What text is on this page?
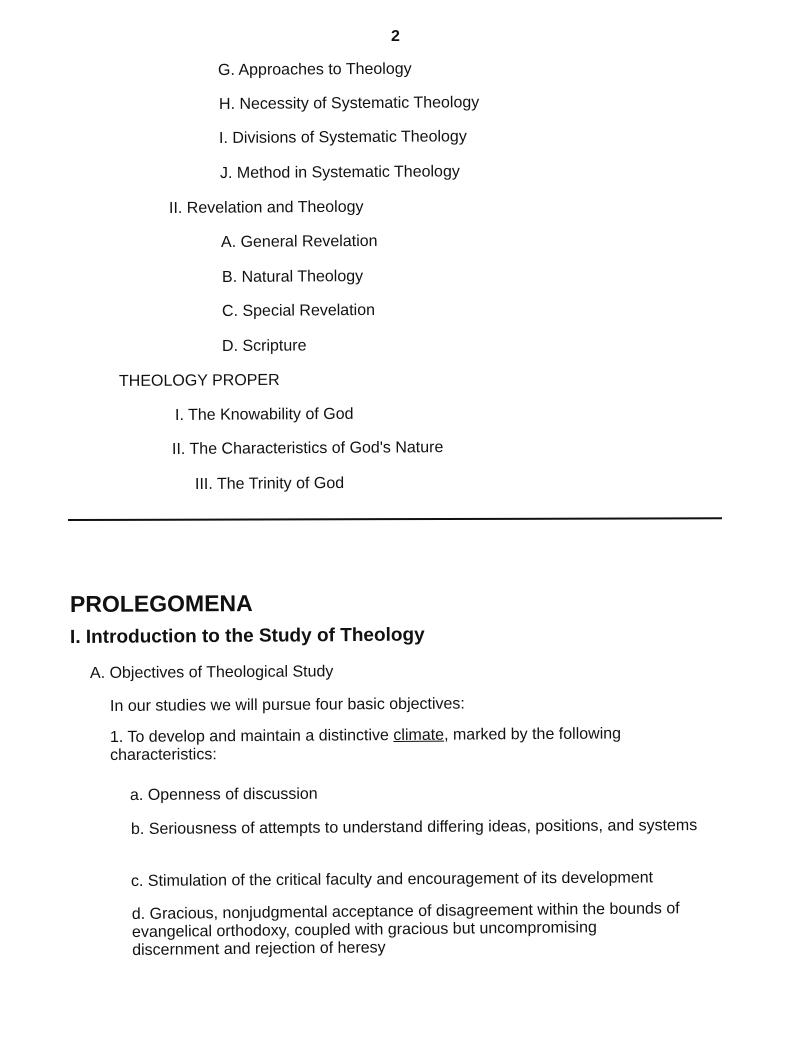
2
G. Approaches to Theology
H. Necessity of Systematic Theology
I. Divisions of Systematic Theology
J. Method in Systematic Theology
II. Revelation and Theology
A. General Revelation
B. Natural Theology
C. Special Revelation
D. Scripture
THEOLOGY PROPER
I. The Knowability of God
II. The Characteristics of God's Nature
III. The Trinity of God
PROLEGOMENA
I. Introduction to the Study of Theology
A. Objectives of Theological Study
In our studies we will pursue four basic objectives:
1. To develop and maintain a distinctive climate, marked by the following characteristics:
a. Openness of discussion
b. Seriousness of attempts to understand differing ideas, positions, and systems
c. Stimulation of the critical faculty and encouragement of its development
d. Gracious, nonjudgmental acceptance of disagreement within the bounds of evangelical orthodoxy, coupled with gracious but uncompromising discernment and rejection of heresy
